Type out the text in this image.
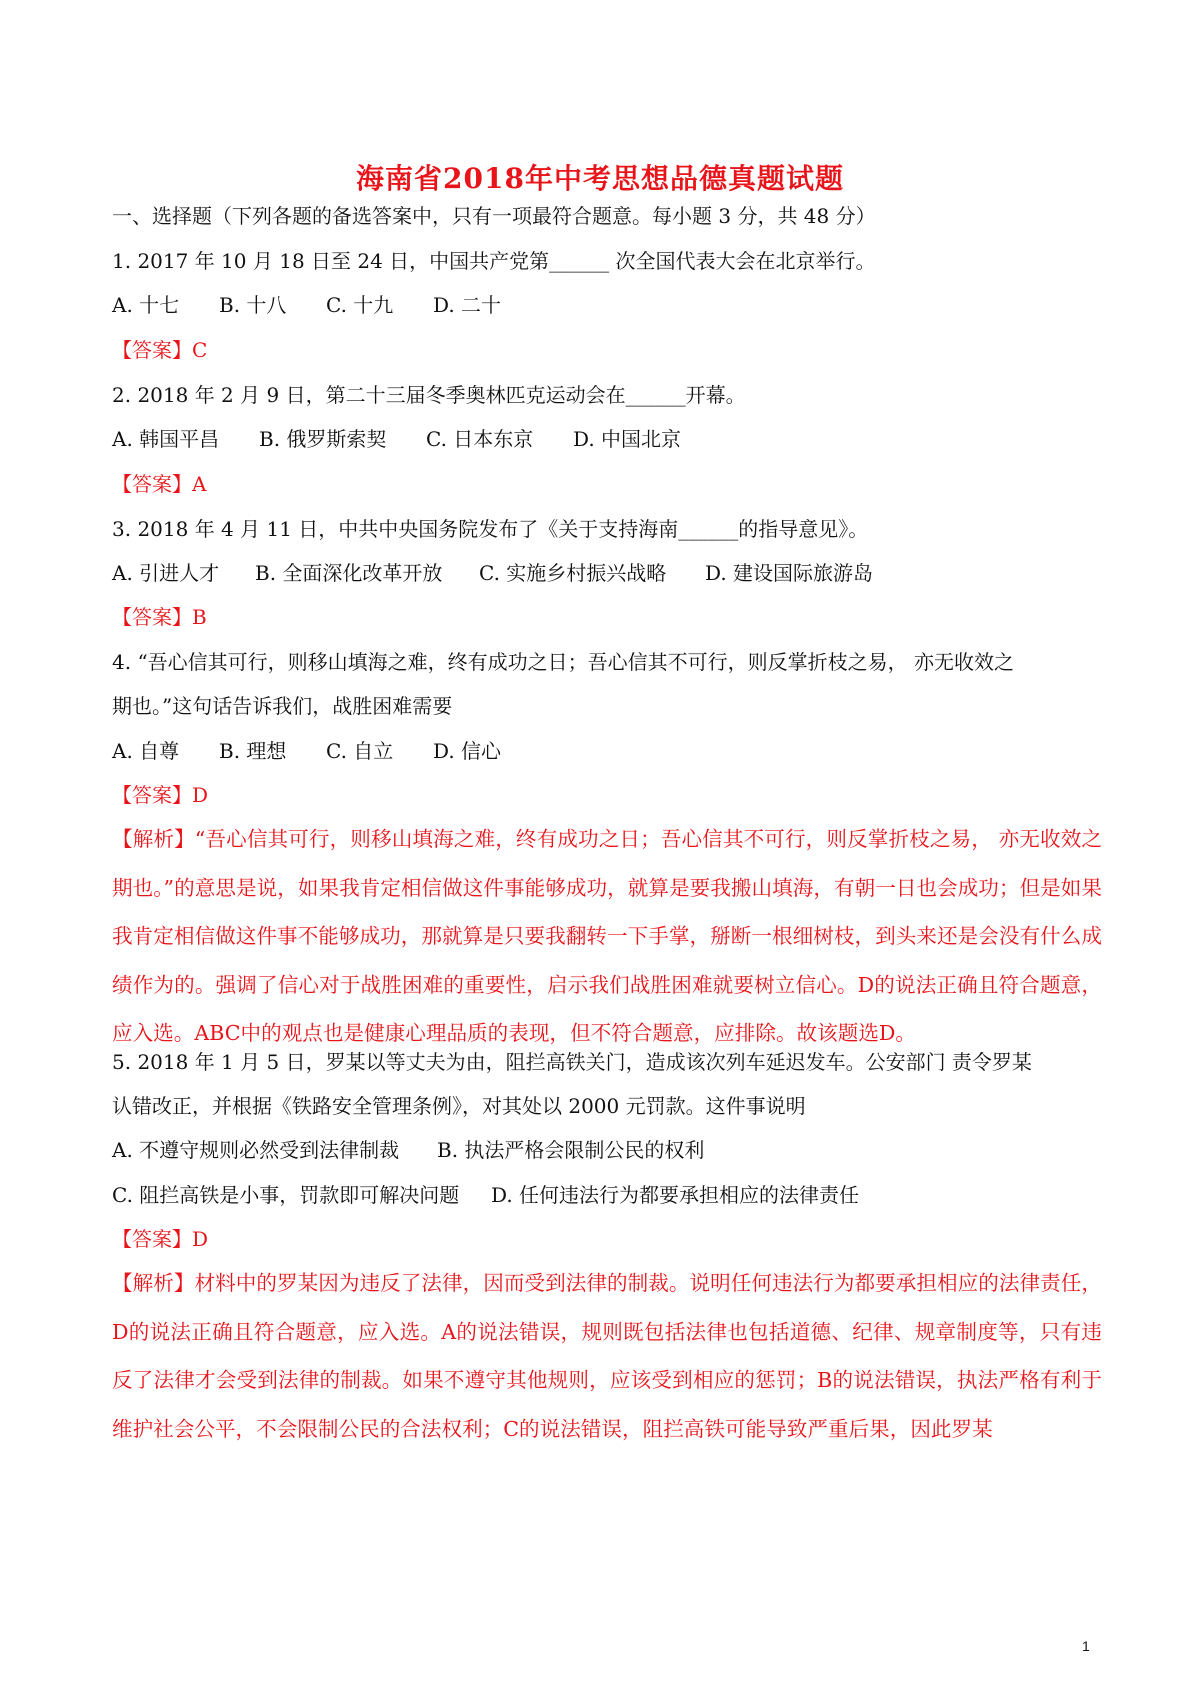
海南省2018年中考思想品德真题试题
一、选择题（下列各题的备选答案中，只有一项最符合题意。每小题 3 分，共 48 分）
1. 2017 年 10 月 18 日至 24 日，中国共产党第______ 次全国代表大会在北京举行。
A. 十七 B. 十八 C. 十九 D. 二十
【答案】C
2. 2018 年 2 月 9 日，第二十三届冬季奥林匹克运动会在______开幕。
A. 韩国平昌 B. 俄罗斯索契 C. 日本东京 D. 中国北京
【答案】A
3. 2018 年 4 月 11 日，中共中央国务院发布了《关于支持海南______的指导意见》。
A. 引进人才 B. 全面深化改革开放 C. 实施乡村振兴战略 D. 建设国际旅游岛
【答案】B
4. “吾心信其可行，则移山填海之难，终有成功之日；吾心信其不可行，则反掌折枝之易， 亦无收效之
期也。”这句话告诉我们，战胜困难需要
A. 自尊 B. 理想 C. 自立 D. 信心
【答案】D
【解析】“吾心信其可行，则移山填海之难，终有成功之日；吾心信其不可行，则反掌折枝之易， 亦无收效之期也。”的意思是说，如果我肯定相信做这件事能够成功，就算是要我搬山填海，有朝一日也会成功；但是如果我肯定相信做这件事不能够成功，那就算是只要我翻转一下手掌，掰断一根细树枝，到头来还是会没有什么成绩作为的。强调了信心对于战胜困难的重要性，启示我们战胜困难就要树立信心。D的说法正确且符合题意，应入选。ABC中的观点也是健康心理品质的表现，但不符合题意，应排除。故该题选D。
5. 2018 年 1 月 5 日，罗某以等丈夫为由，阻拦高铁关门，造成该次列车延迟发车。公安部门 责令罗某
认错改正，并根据《铁路安全管理条例》，对其处以 2000 元罚款。这件事说明
A. 不遵守规则必然受到法律制裁 B. 执法严格会限制公民的权利
C. 阻拦高铁是小事，罚款即可解决问题 D. 任何违法行为都要承担相应的法律责任
【答案】D
【解析】材料中的罗某因为违反了法律，因而受到法律的制裁。说明任何违法行为都要承担相应的法律责任，D的说法正确且符合题意，应入选。A的说法错误，规则既包括法律也包括道德、纪律、规章制度等，只有违反了法律才会受到法律的制裁。如果不遵守其他规则，应该受到相应的惩罚；B的说法错误，执法严格有利于维护社会公平，不会限制公民的合法权利；C的说法错误，阻拦高铁可能导致严重后果，因此罗某
1
